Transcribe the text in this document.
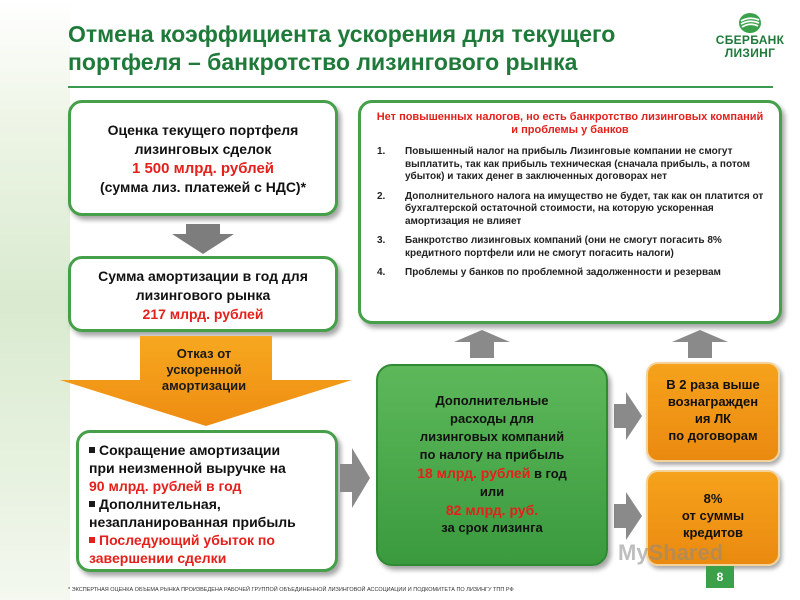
Отмена коэффициента ускорения для текущего
портфеля – банкротство лизингового рынка
СБЕРБАНК
ЛИЗИНГ
Оценка текущего портфеля
лизинговых сделок
1 500 млрд. рублей
(сумма лиз. платежей с НДС)*
Сумма амортизации в год для
лизингового рынка
217 млрд. рублей
Отказ от
ускоренной
амортизации
Сокращение амортизации
при неизменной выручке на
90 млрд. рублей в год
Дополнительная,
незапланированная прибыль
Последующий убыток по
завершении сделки
Нет повышенных налогов, но есть банкротство лизинговых компаний и проблемы у банков
1. Повышенный налог на прибыль Лизинговые компании не смогут выплатить, так как прибыль техническая (сначала прибыль, а потом убыток) и таких денег в заключенных договорах нет
2. Дополнительного налога на имущество не будет, так как он платится от бухгалтерской остаточной стоимости, на которую ускоренная амортизация не влияет
3. Банкротство лизинговых компаний (они не смогут погасить 8% кредитного портфели или не смогут погасить налоги)
4. Проблемы у банков по проблемной задолженности и резервам
Дополнительные
расходы для
лизинговых компаний
по налогу на прибыль
18 млрд. рублей в год
или
82 млрд. руб.
за срок лизинга
В 2 раза выше
вознагражден
ия ЛК
по договорам
8%
от суммы
кредитов
MyShared
8
* ЭКСПЕРТНАЯ ОЦЕНКА ОБЪЕМА РЫНКА ПРОИЗВЕДЕНА РАБОЧЕЙ ГРУППОЙ ОБЪЕДИНЕННОЙ ЛИЗИНГОВОЙ АССОЦИАЦИИ И ПОДКОМИТЕТА ПО ЛИЗИНГУ ТПП РФ
